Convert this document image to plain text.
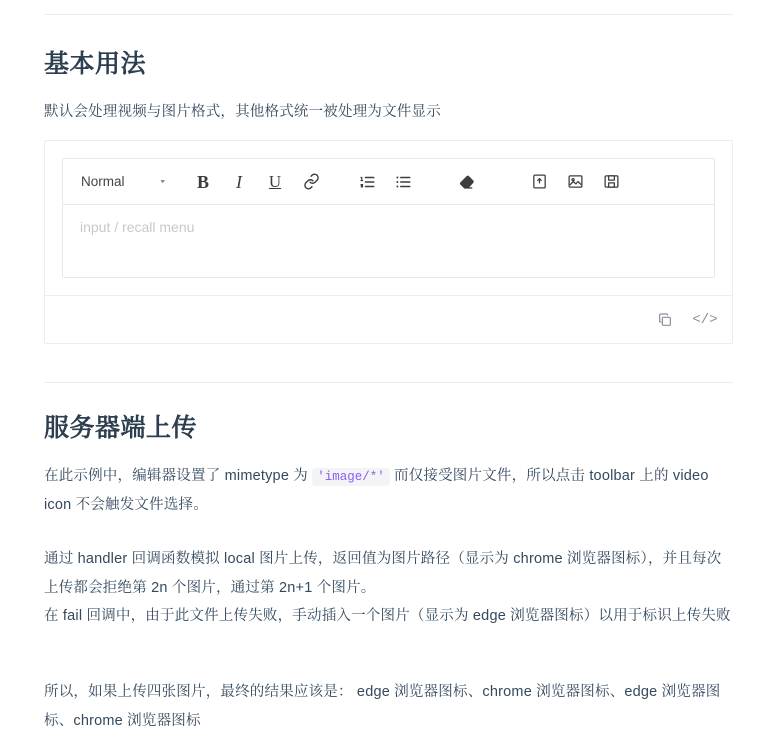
基本用法
默认会处理视频与图片格式，其他格式统一被处理为文件显示
Normal	▾	B	I	U
input / recall menu
</>
服务器端上传
在此示例中，编辑器设置了 mimetype 为 'image/*' 而仅接受图片文件，所以点击 toolbar 上的 video icon 不会触发文件选择。
通过 handler 回调函数模拟 local 图片上传，返回值为图片路径（显示为 chrome 浏览器图标），并且每次上传都会拒绝第 2n 个图片，通过第 2n+1 个图片。
在 fail 回调中，由于此文件上传失败，手动插入一个图片（显示为 edge 浏览器图标）以用于标识上传失败
所以，如果上传四张图片，最终的结果应该是： edge 浏览器图标、chrome 浏览器图标、edge 浏览器图标、chrome 浏览器图标
